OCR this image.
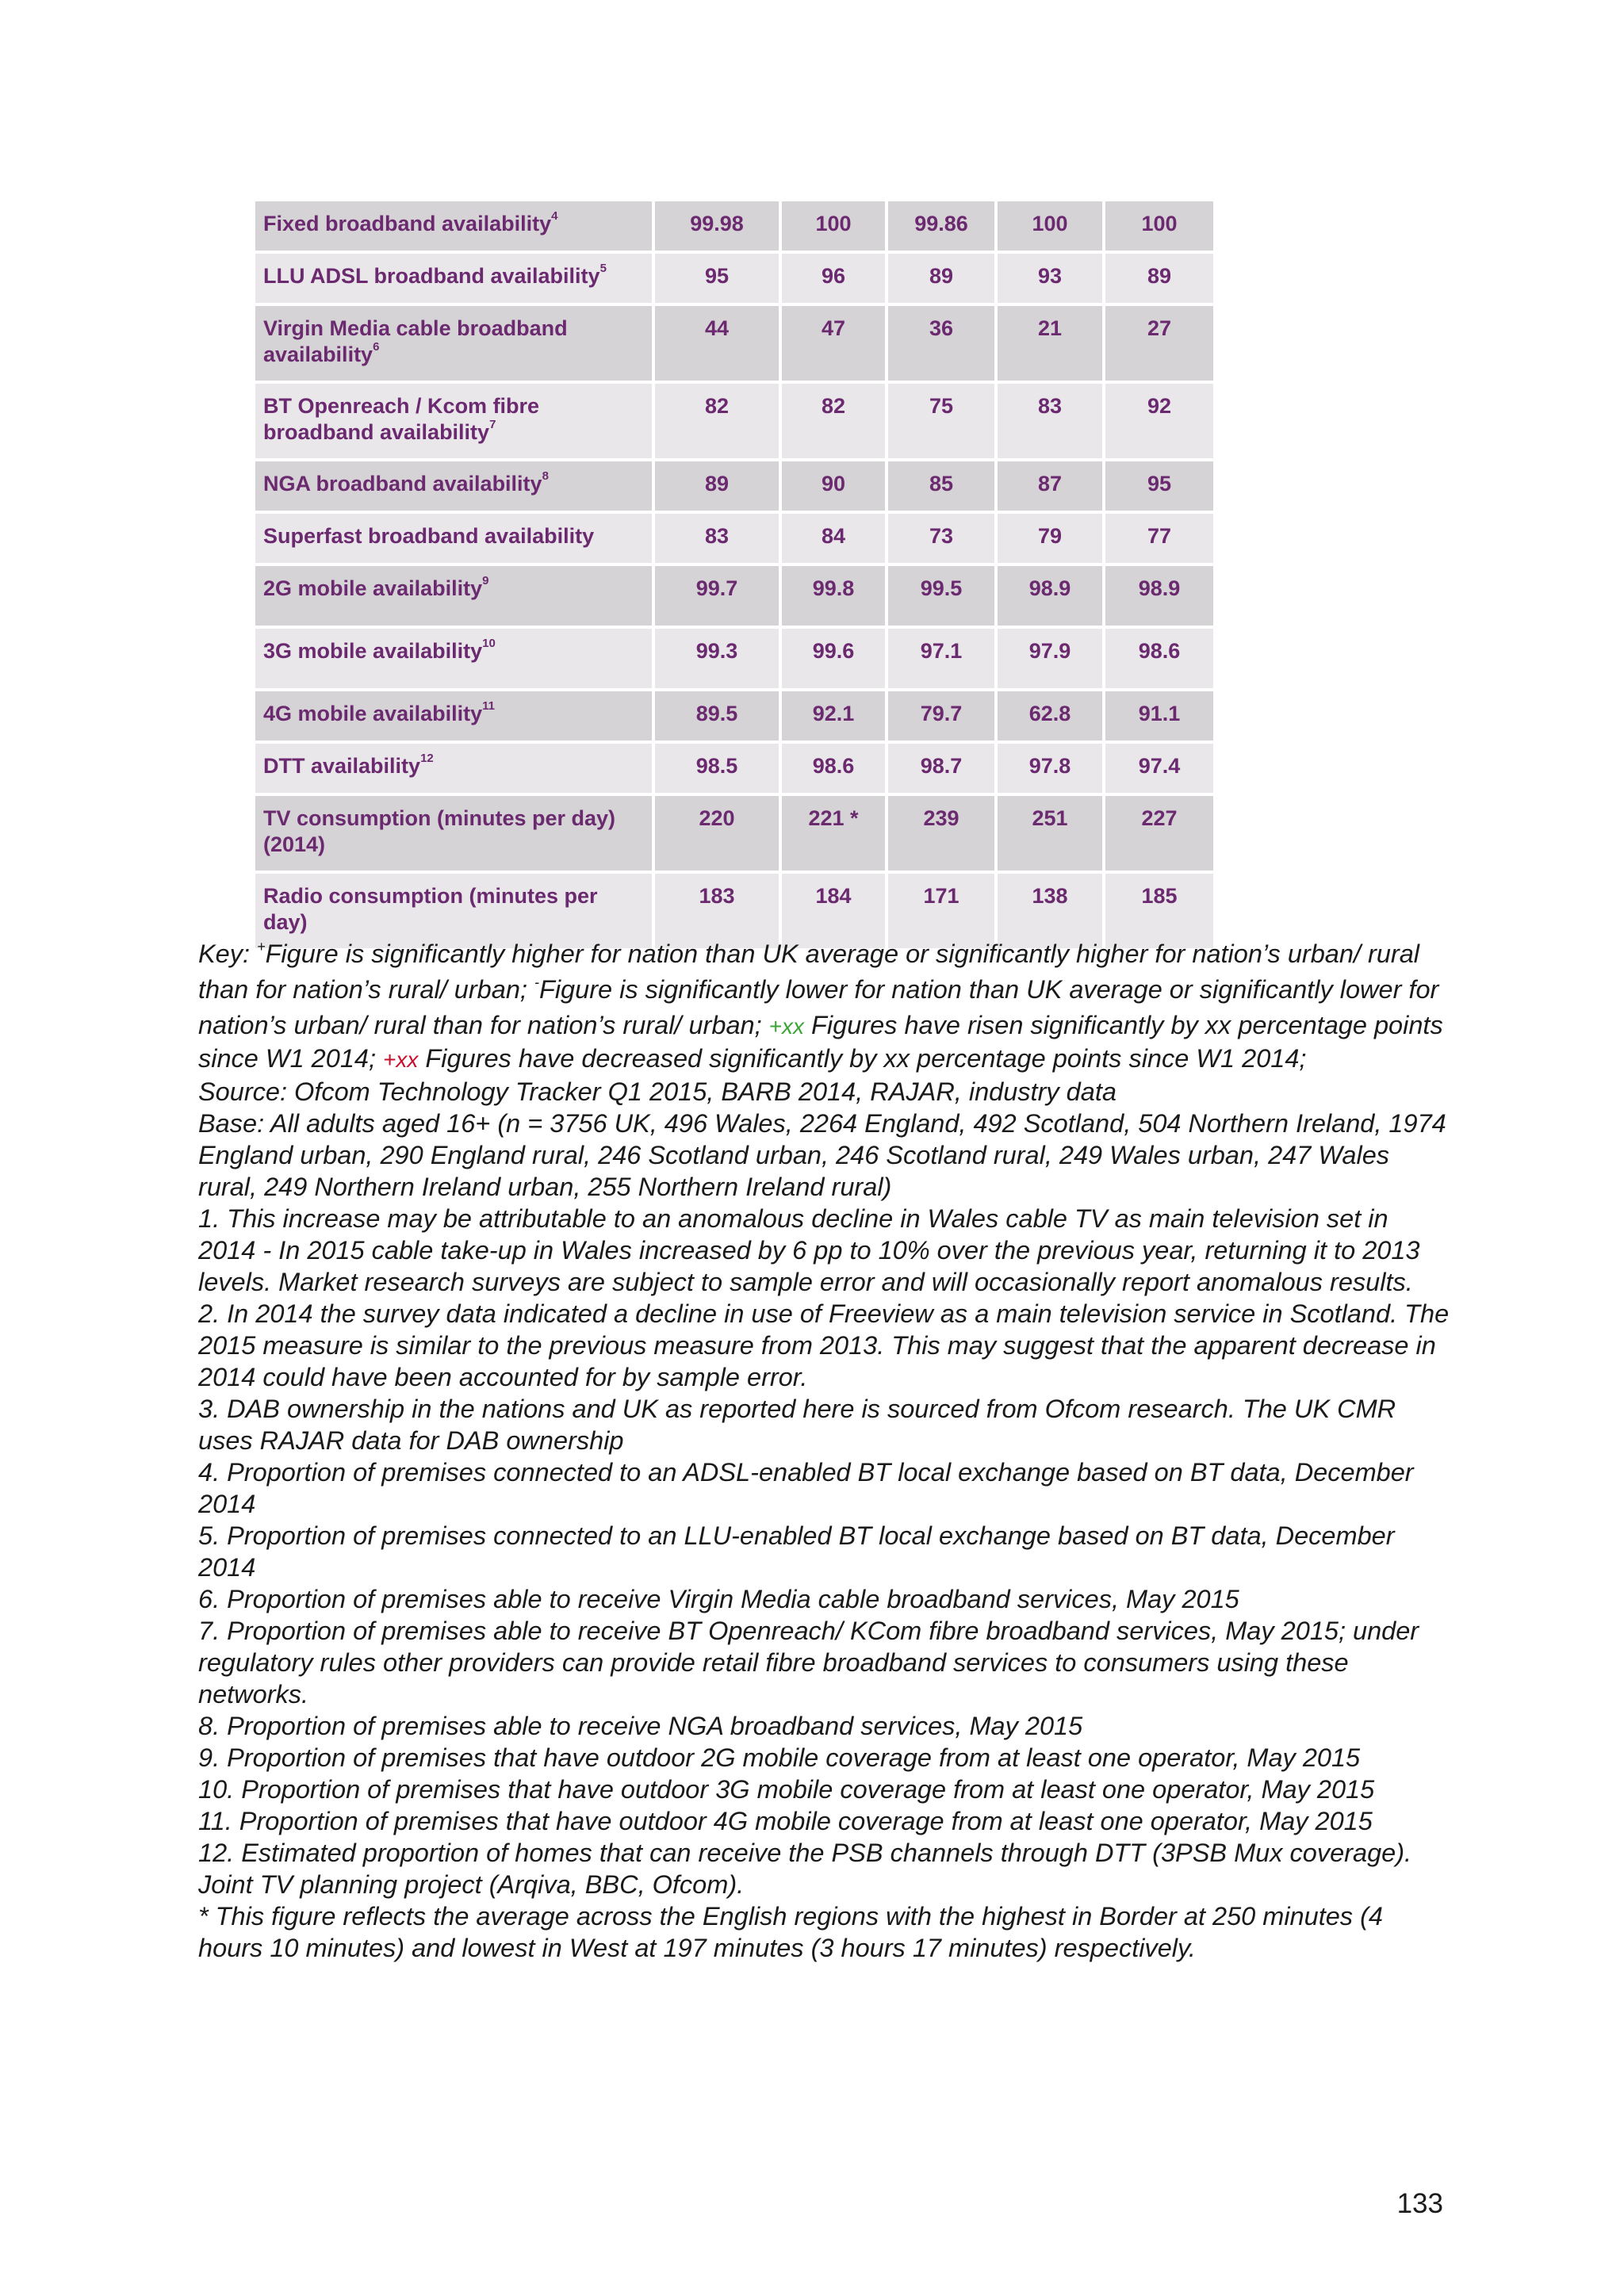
Fixed broadband availability$^4$	99.98	100	99.86	100	100
LLU ADSL broadband availability$^5$	95	96	89	93	89
Virgin Media cable broadband availability$^6$	44	47	36	21	27
BT Openreach / Kcom fibre broadband availability$^7$	82	82	75	83	92
NGA broadband availability$^8$	89	90	85	87	95
Superfast broadband availability	83	84	73	79	77
2G mobile availability$^9$	99.7	99.8	99.5	98.9	98.9
3G mobile availability$^{10}$	99.3	99.6	97.1	97.9	98.6
4G mobile availability$^{11}$	89.5	92.1	79.7	62.8	91.1
DTT availability$^{12}$	98.5	98.6	98.7	97.8	97.4
TV consumption (minutes per day) (2014)	220	221 *	239	251	227
Radio consumption (minutes per day)	183	184	171	138	185

Key: +Figure is significantly higher for nation than UK average or significantly higher for nation’s urban/ rural than for nation’s rural/ urban; -Figure is significantly lower for nation than UK average or significantly lower for nation’s urban/ rural than for nation’s rural/ urban; +xx Figures have risen significantly by xx percentage points since W1 2014; +xx Figures have decreased significantly by xx percentage points since W1 2014;

Source: Ofcom Technology Tracker Q1 2015, BARB 2014, RAJAR, industry data

Base: All adults aged 16+ (n = 3756 UK, 496 Wales, 2264 England, 492 Scotland, 504 Northern Ireland, 1974 England urban, 290 England rural, 246 Scotland urban, 246 Scotland rural, 249 Wales urban, 247 Wales rural, 249 Northern Ireland urban, 255 Northern Ireland rural)

1. This increase may be attributable to an anomalous decline in Wales cable TV as main television set in 2014 - In 2015 cable take-up in Wales increased by 6 pp to 10% over the previous year, returning it to 2013 levels. Market research surveys are subject to sample error and will occasionally report anomalous results.

2. In 2014 the survey data indicated a decline in use of Freeview as a main television service in Scotland. The 2015 measure is similar to the previous measure from 2013. This may suggest that the apparent decrease in 2014 could have been accounted for by sample error.

3. DAB ownership in the nations and UK as reported here is sourced from Ofcom research. The UK CMR uses RAJAR data for DAB ownership

4. Proportion of premises connected to an ADSL-enabled BT local exchange based on BT data, December 2014

5. Proportion of premises connected to an LLU-enabled BT local exchange based on BT data, December 2014

6. Proportion of premises able to receive Virgin Media cable broadband services, May 2015

7. Proportion of premises able to receive BT Openreach/ KCom fibre broadband services, May 2015; under regulatory rules other providers can provide retail fibre broadband services to consumers using these networks.

8. Proportion of premises able to receive NGA broadband services, May 2015

9. Proportion of premises that have outdoor 2G mobile coverage from at least one operator, May 2015

10. Proportion of premises that have outdoor 3G mobile coverage from at least one operator, May 2015

11. Proportion of premises that have outdoor 4G mobile coverage from at least one operator, May 2015

12. Estimated proportion of homes that can receive the PSB channels through DTT (3PSB Mux coverage). Joint TV planning project (Arqiva, BBC, Ofcom).

* This figure reflects the average across the English regions with the highest in Border at 250 minutes (4 hours 10 minutes) and lowest in West at 197 minutes (3 hours 17 minutes) respectively.

133
